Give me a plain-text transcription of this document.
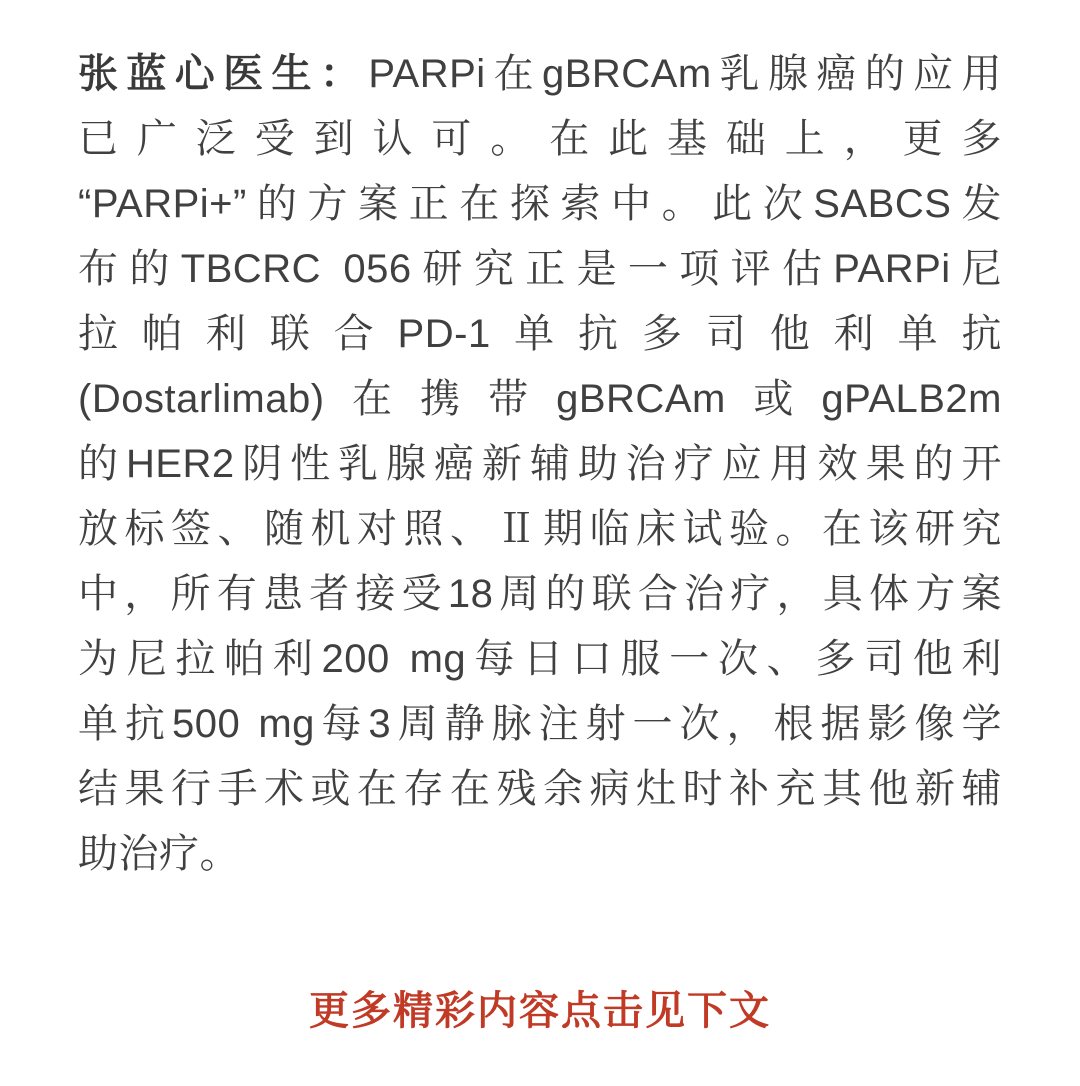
张蓝心医生：PARPi在gBRCAm乳腺癌的应用
已广泛受到认可。在此基础上，更多
“PARPi+”的方案正在探索中。此次SABCS发
布的TBCRC 056研究正是一项评估PARPi尼
拉帕利联合PD-1单抗多司他利单抗
(Dostarlimab)在携带gBRCAm或gPALB2m
的HER2阴性乳腺癌新辅助治疗应用效果的开
放标签、随机对照、Ⅱ期临床试验。在该研究
中，所有患者接受18周的联合治疗，具体方案
为尼拉帕利200 mg每日口服一次、多司他利
单抗500 mg每3周静脉注射一次，根据影像学
结果行手术或在存在残余病灶时补充其他新辅
助治疗。
更多精彩内容点击见下文
